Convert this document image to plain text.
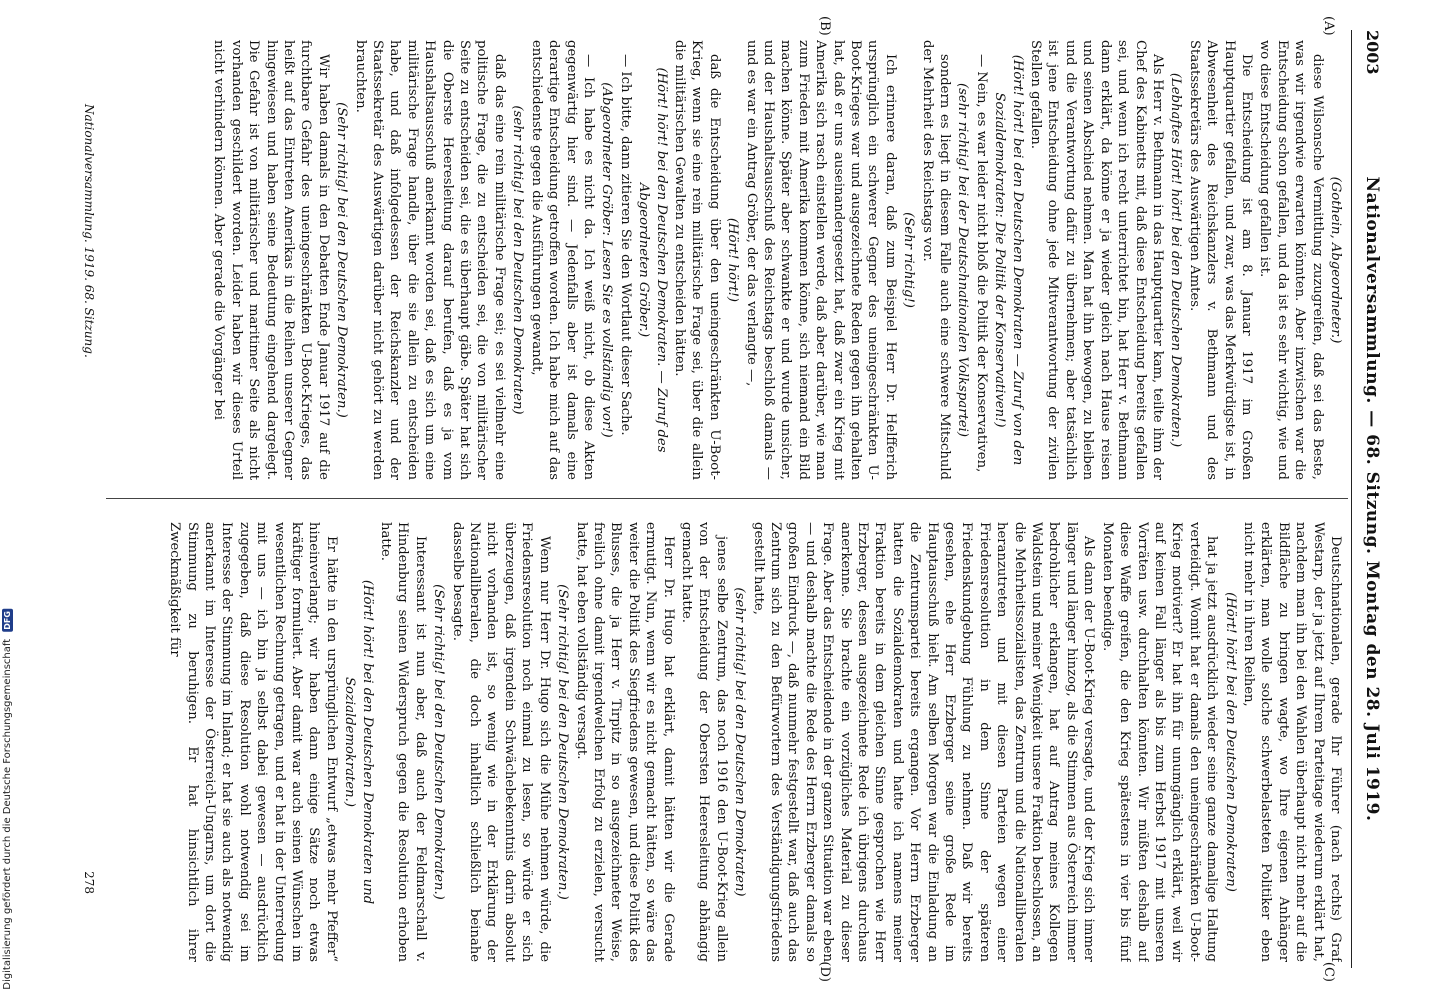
Nationalversammlung. — 68. Sitzung. Montag den 28. Juli 1919.
2003
(A)
(B)
(C)
(D)

(Gothein, Abgeordneter.)

diese Wilsonsche Vermittlung zuzugreifen, daß sei das Beste, was wir irgendwie erwarten könnten. Aber inzwischen war die Entscheidung schon gefallen, und da ist es sehr wichtig, wie und wo diese Entscheidung gefallen ist.

Die Entscheidung ist am 8. Januar 1917 im Großen Hauptquartier gefallen, und zwar, was das Merkwürdigste ist, in Abwesenheit des Reichskanzlers v. Bethmann und des Staatssekretärs des Auswärtigen Amtes.

(Lebhaftes Hört! hört! bei den Deutschen Demokraten.)

Als Herr v. Bethmann in das Hauptquartier kam, teilte ihm der Chef des Kabinetts mit, daß diese Entscheidung bereits gefallen sei, und wenn ich recht unterrichtet bin, hat Herr v. Bethmann dann erklärt, da könne er ja wieder gleich nach Hause reisen und seinen Abschied nehmen. Man hat ihn bewogen, zu bleiben und die Verantwortung dafür zu übernehmen; aber tatsächlich ist jene Entscheidung ohne jede Mitverantwortung der zivilen Stellen gefallen.

(Hört! hört! bei den Deutschen Demokraten — Zuruf von den Sozialdemokraten: Die Politik der Konservativen!)

— Nein, es war leider nicht bloß die Politik der Konservativen,

(sehr richtig! bei der Deutschnationalen Volkspartei)

sondern es liegt in diesem Falle auch eine schwere Mitschuld der Mehrheit des Reichstags vor.

(Sehr richtig!)

Ich erinnere daran, daß zum Beispiel Herr Dr. Helfferich ursprünglich ein schwerer Gegner des uneingeschränkten U-Boot-Krieges war und ausgezeichnete Reden gegen ihn gehalten hat, daß er uns auseinandergesetzt hat, daß zwar ein Krieg mit Amerika sich rasch einstellen werde, daß aber darüber, wie man zum Frieden mit Amerika kommen könne, sich niemand ein Bild machen könne. Später aber schwankte er und wurde unsicher, und der Haushaltsausschuß des Reichstags beschloß damals — und es war ein Antrag Gröber, der das verlangte —,

(Hört! hört!)

daß die Entscheidung über den uneingeschränkten U-Boot-Krieg, wenn sie eine rein militärische Frage sei, über die allein die militärischen Gewalten zu entscheiden hätten.

(Hört! hört! bei den Deutschen Demokraten. — Zuruf des Abgeordneten Gröber.)

— Ich bitte, dann zitieren Sie den Wortlaut dieser Sache.

(Abgeordneter Gröber: Lesen Sie es vollständig vor!)

— Ich habe es nicht da. Ich weiß nicht, ob diese Akten gegenwärtig hier sind. — Jedenfalls aber ist damals eine derartige Entscheidung getroffen worden. Ich habe mich auf das entschiedenste gegen die Ausführungen gewandt,

(sehr richtig! bei den Deutschen Demokraten)

daß das eine rein militärische Frage sei; es sei vielmehr eine politische Frage, die zu entscheiden sei, die von militärischer Seite zu entscheiden sei, die es überhaupt gäbe. Später hat sich die Oberste Heeresleitung darauf berufen, daß es ja vom Haushaltsausschuß anerkannt worden sei, daß es sich um eine militärische Frage handle, über die sie allein zu entscheiden habe, und daß infolgedessen der Reichskanzler und der Staatssekretär des Auswärtigen darüber nicht gehört zu werden brauchten.

(Sehr richtig! bei den Deutschen Demokraten.)

Wir haben damals in den Debatten Ende Januar 1917 auf die furchtbare Gefahr des uneingeschränkten U-Boot-Krieges, das heißt auf das Eintreten Amerikas in die Reihen unserer Gegner hingewiesen und haben seine Bedeutung eingehend dargelegt. Die Gefahr ist von militärischer und maritimer Seite als nicht vorhanden geschildert worden. Leider haben wir dieses Urteil nicht verhindern können. Aber gerade die Vorgänger bei

Deutschnationalen, gerade Ihr Führer (nach rechts) Graf Westarp, der ja jetzt auf Ihrem Parteitage wiederum erklärt hat, nachdem man ihn bei den Wahlen überhaupt nicht mehr auf die Bildfläche zu bringen wagte, wo Ihre eigenen Anhänger erklärten, man wolle solche schwerbelasteten Politiker eben nicht mehr in ihren Reihen,

(Hört! hört! bei den Deutschen Demokraten)

hat ja jetzt ausdrücklich wieder seine ganze damalige Haltung verteidigt. Womit hat er damals den uneingeschränkten U-Boot-Krieg motiviert? Er hat ihn für unumgänglich erklärt, weil wir auf keinen Fall länger als bis zum Herbst 1917 mit unseren Vorräten usw. durchhalten könnten. Wir müßten deshalb auf diese Waffe greifen, die den Krieg spätestens in vier bis fünf Monaten beendige.

Als dann der U-Boot-Krieg versagte, und der Krieg sich immer länger und länger hinzog, als die Stimmen aus Österreich immer bedrohlicher erklangen, hat auf Antrag meines Kollegen Waldstein und meiner Wenigkeit unsere Fraktion beschlossen, an die Mehrheitssozialisten, das Zentrum und die Nationalliberalen heranzutreten und mit diesen Parteien wegen einer Friedensresolution in dem Sinne der späteren Friedenskundgebung Fühlung zu nehmen. Daß wir bereits gesehen, ehe Herr Erzberger seine große Rede im Hauptausschuß hielt. Am selben Morgen war die Einladung an die Zentrumspartei bereits ergangen. Vor Herrn Erzberger hatten die Sozialdemokraten und hatte ich namens meiner Fraktion bereits in dem gleichen Sinne gesprochen wie Herr Erzberger, dessen ausgezeichnete Rede ich übrigens durchaus anerkenne. Sie brachte ein vorzügliches Material zu dieser Frage. Aber das Entscheidende in der ganzen Situation war eben — und deshalb machte die Rede des Herrn Erzberger damals so großen Eindruck —, daß nunmehr festgestellt war, daß auch das Zentrum sich zu den Befürwortern des Verständigungsfriedens gestellt hatte,

(sehr richtig! bei den Deutschen Demokraten)

jenes selbe Zentrum, das noch 1916 den U-Boot-Krieg allein von der Entscheidung der Obersten Heeresleitung abhängig gemacht hatte.

Herr Dr. Hugo hat erklärt, damit hätten wir die Gerade ermutigt. Nun, wenn wir es nicht gemacht hätten, so wäre das weiter die Politik des Siegfriedens gewesen, und diese Politik des Blusses, die ja Herr v. Tirpitz in so ausgezeichneter Weise, freilich ohne damit irgendwelchen Erfolg zu erzielen, versucht hatte, hat eben vollständig versagt.

(Sehr richtig! bei den Deutschen Demokraten.)

Wenn nur Herr Dr. Hugo sich die Mühe nehmen würde, die Friedensresolution noch einmal zu lesen, so würde er sich überzeugen, daß irgendein Schwächebekenntnis darin absolut nicht vorhanden ist, so wenig wie in der Erklärung der Nationalliberalen, die doch inhaltlich schließlich beinahe dasselbe besagte.

(Sehr richtig! bei den Deutschen Demokraten.)

Interessant ist nun aber, daß auch der Feldmarschall v. Hindenburg seinen Widerspruch gegen die Resolution erhoben hatte.

(Hört! hört! bei den Deutschen Demokraten und Sozialdemokraten.)

Er hätte in den ursprünglichen Entwurf „etwas mehr Pfeffer“ hineinverlangt; wir haben dann einige Sätze noch etwas kräftiger formuliert. Aber damit war auch seinen Wünschen im wesentlichen Rechnung getragen, und er hat in der Unterredung mit uns — ich bin ja selbst dabei gewesen — ausdrücklich zugegeben, daß diese Resolution wohl notwendig sei im Interesse der Stimmung im Inland; er hat sie auch als notwendig anerkannt im Interesse der Österreich-Ungarns, um dort die Stimmung zu beruhigen. Er hat hinsichtlich ihrer Zweckmäßigkeit für

Nationalversammlung. 1919. 68. Sitzung.
278
Digitalisierung gefördert durch die Deutsche Forschungsgemeinschaft DFG
